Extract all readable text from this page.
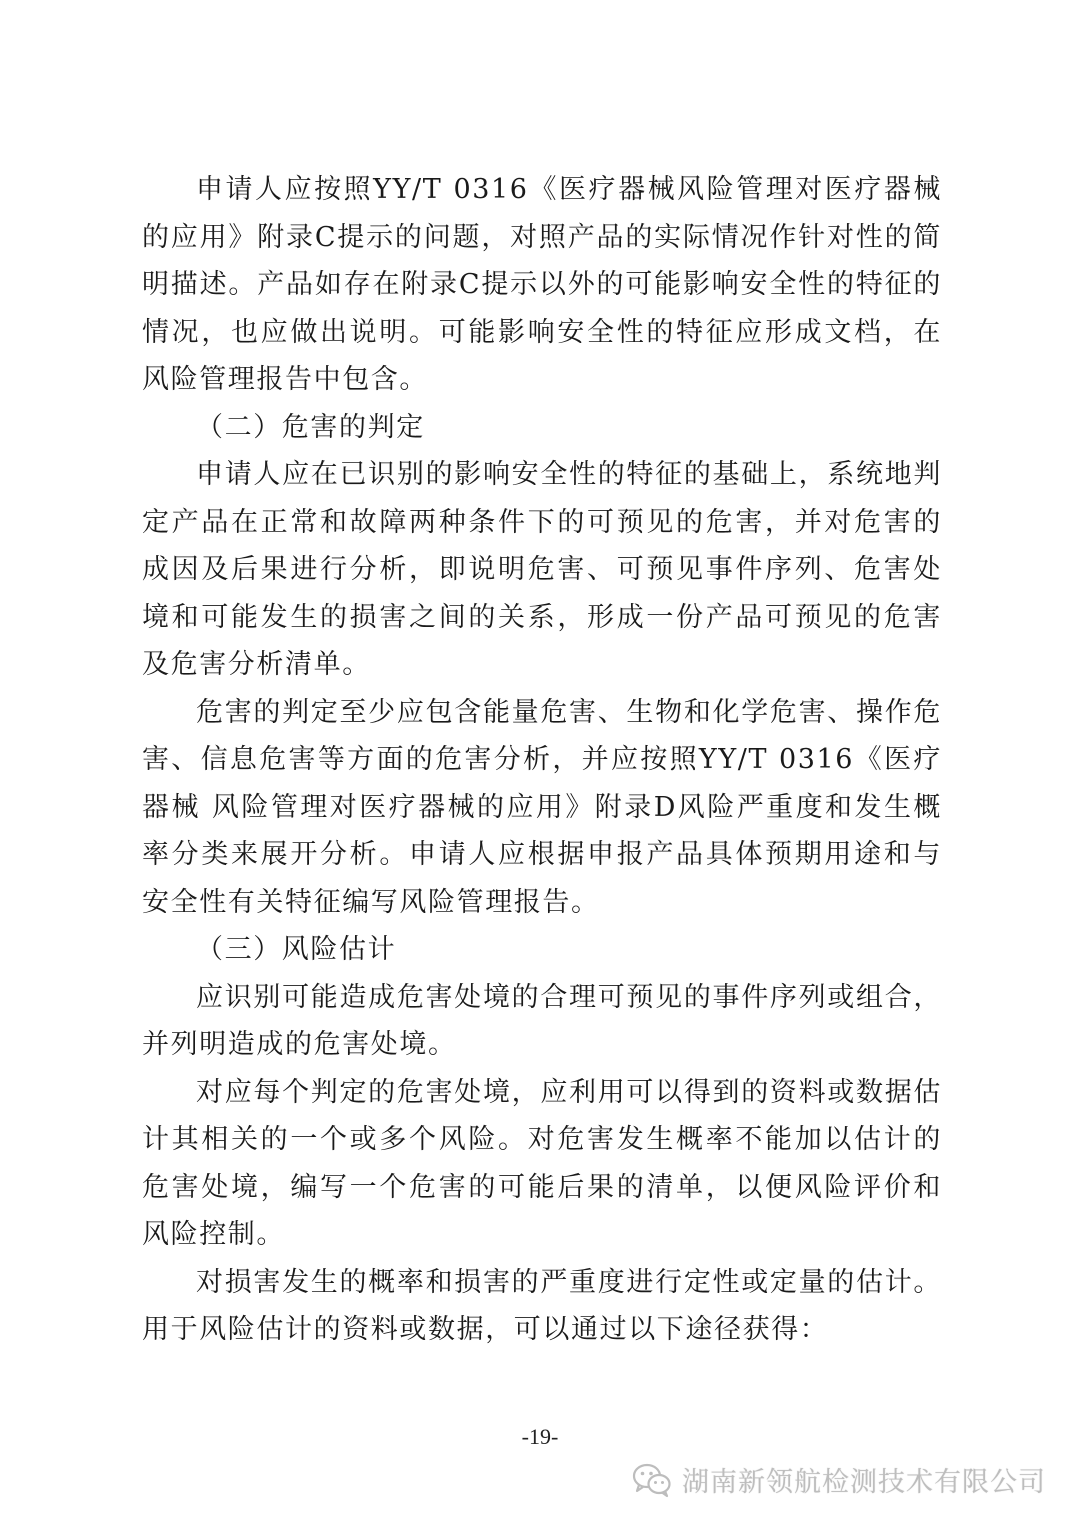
申请人应按照YY/T 0316《医疗器械风险管理对医疗器械的应用》附录C提示的问题，对照产品的实际情况作针对性的简明描述。产品如存在附录C提示以外的可能影响安全性的特征的情况，也应做出说明。可能影响安全性的特征应形成文档，在风险管理报告中包含。

（二）危害的判定

申请人应在已识别的影响安全性的特征的基础上，系统地判定产品在正常和故障两种条件下的可预见的危害，并对危害的成因及后果进行分析，即说明危害、可预见事件序列、危害处境和可能发生的损害之间的关系，形成一份产品可预见的危害及危害分析清单。

危害的判定至少应包含能量危害、生物和化学危害、操作危害、信息危害等方面的危害分析，并应按照YY/T 0316《医疗器械 风险管理对医疗器械的应用》附录D风险严重度和发生概率分类来展开分析。申请人应根据申报产品具体预期用途和与安全性有关特征编写风险管理报告。

（三）风险估计

应识别可能造成危害处境的合理可预见的事件序列或组合，并列明造成的危害处境。

对应每个判定的危害处境，应利用可以得到的资料或数据估计其相关的一个或多个风险。对危害发生概率不能加以估计的危害处境，编写一个危害的可能后果的清单，以便风险评价和风险控制。

对损害发生的概率和损害的严重度进行定性或定量的估计。用于风险估计的资料或数据，可以通过以下途径获得：

-19-
湖南新领航检测技术有限公司
